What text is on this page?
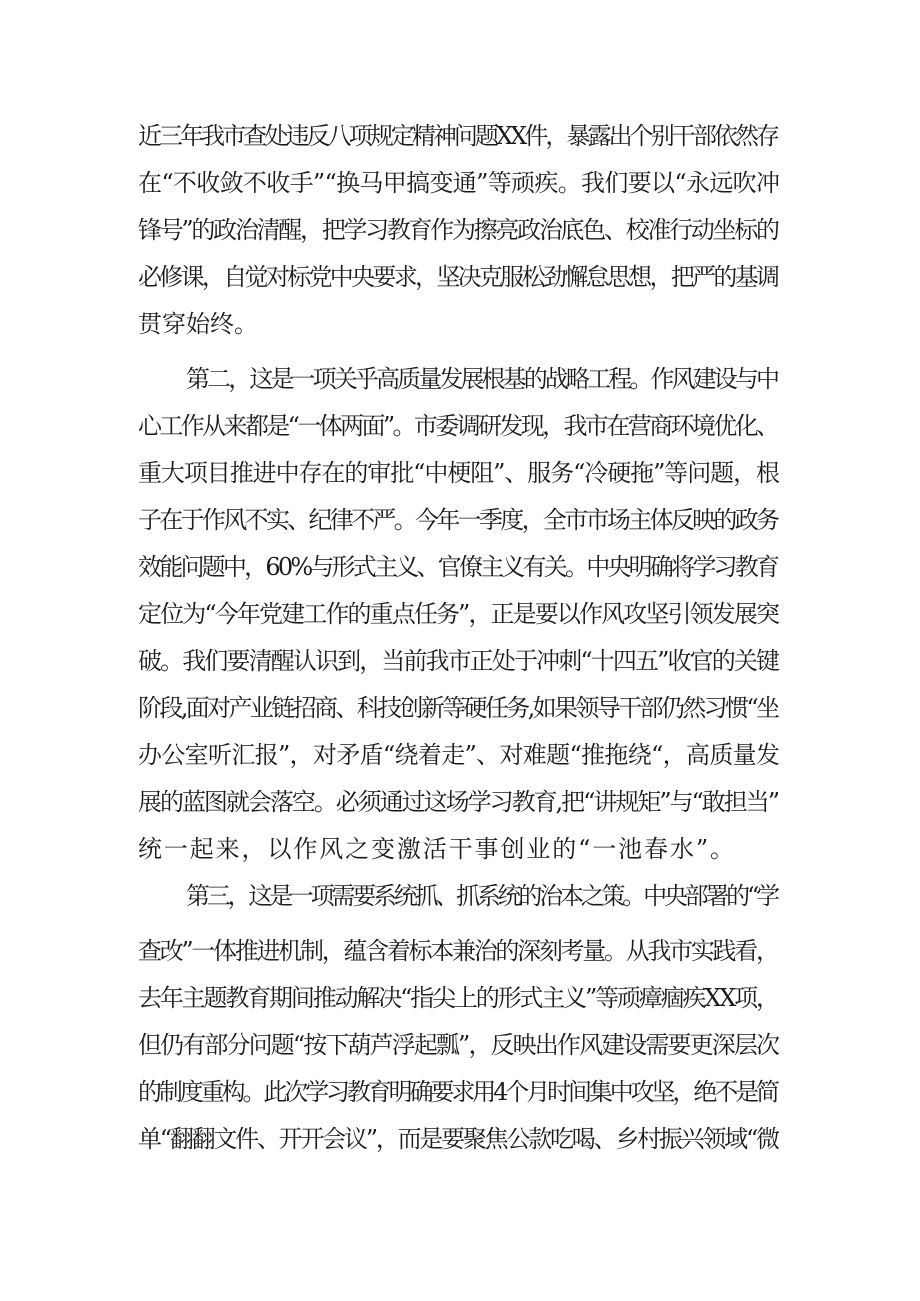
近三年我市查处违反八项规定精神问题XX件，暴露出个别干部依然存
在“不收敛不收手”“换马甲搞变通”等顽疾。我们要以“永远吹冲
锋号”的政治清醒，把学习教育作为擦亮政治底色、校准行动坐标的
必修课，自觉对标党中央要求，坚决克服松劲懈怠思想，把严的基调
贯穿始终。
第二，这是一项关乎高质量发展根基的战略工程。作风建设与中
心工作从来都是“一体两面”。市委调研发现，我市在营商环境优化、
重大项目推进中存在的审批“中梗阻”、服务“冷硬拖”等问题，根
子在于作风不实、纪律不严。今年一季度，全市市场主体反映的政务
效能问题中，60%与形式主义、官僚主义有关。中央明确将学习教育
定位为“今年党建工作的重点任务”，正是要以作风攻坚引领发展突
破。我们要清醒认识到，当前我市正处于冲刺“十四五”收官的关键
阶段,面对产业链招商、科技创新等硬任务,如果领导干部仍然习惯“坐
办公室听汇报”，对矛盾“绕着走”、对难题“推拖绕“，高质量发
展的蓝图就会落空。必须通过这场学习教育,把“讲规矩”与“敢担当”
统一起来，以作风之变激活干事创业的“一池春水”。
第三，这是一项需要系统抓、抓系统的治本之策。中央部署的“学
查改”一体推进机制，蕴含着标本兼治的深刻考量。从我市实践看，
去年主题教育期间推动解决“指尖上的形式主义”等顽瘴痼疾XX项，
但仍有部分问题“按下葫芦浮起瓢”，反映出作风建设需要更深层次
的制度重构。此次学习教育明确要求用4个月时间集中攻坚，绝不是简
单“翻翻文件、开开会议”，而是要聚焦公款吃喝、乡村振兴领域“微
